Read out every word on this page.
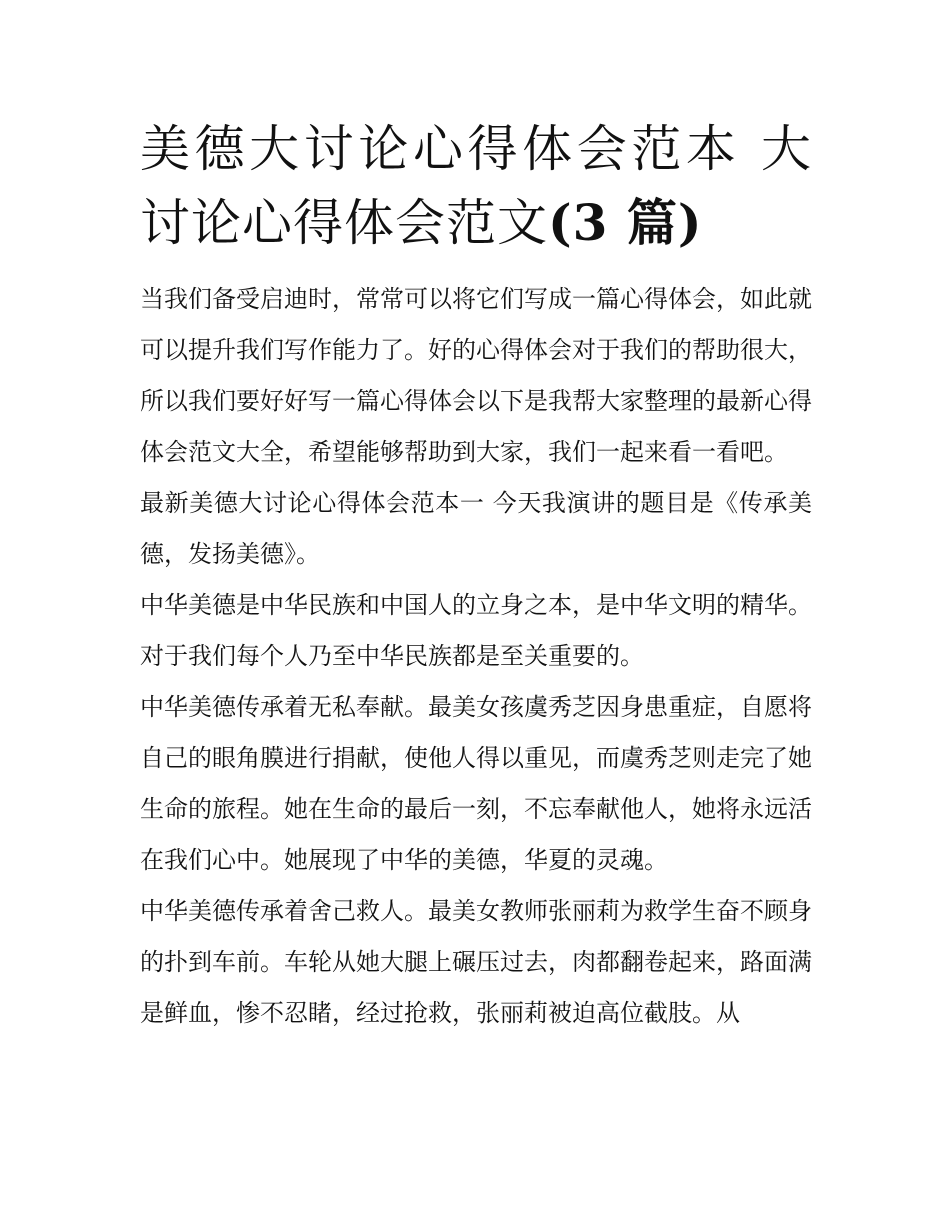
美德大讨论心得体会范本 大讨论心得体会范文(3 篇)

当我们备受启迪时，常常可以将它们写成一篇心得体会，如此就可以提升我们写作能力了。好的心得体会对于我们的帮助很大，所以我们要好好写一篇心得体会以下是我帮大家整理的最新心得体会范文大全，希望能够帮助到大家，我们一起来看一看吧。

最新美德大讨论心得体会范本一 今天我演讲的题目是《传承美德，发扬美德》。

中华美德是中华民族和中国人的立身之本，是中华文明的精华。对于我们每个人乃至中华民族都是至关重要的。

中华美德传承着无私奉献。最美女孩虞秀芝因身患重症，自愿将自己的眼角膜进行捐献，使他人得以重见，而虞秀芝则走完了她生命的旅程。她在生命的最后一刻，不忘奉献他人，她将永远活在我们心中。她展现了中华的美德，华夏的灵魂。

中华美德传承着舍己救人。最美女教师张丽莉为救学生奋不顾身的扑到车前。车轮从她大腿上碾压过去，肉都翻卷起来，路面满是鲜血，惨不忍睹，经过抢救，张丽莉被迫高位截肢。从
